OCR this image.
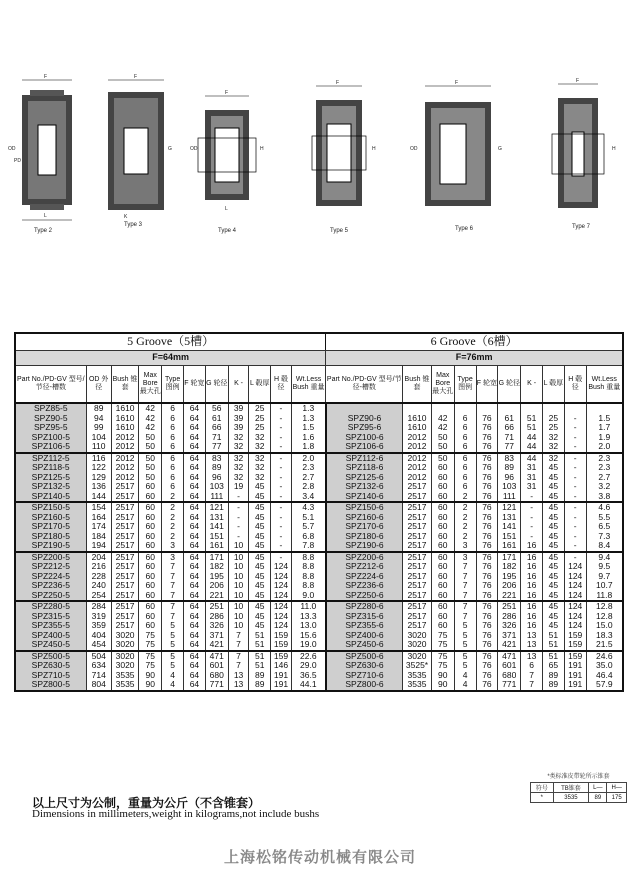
OD
PD
F
L
Type 2
F
G
K
Type 3
F
OD	H
L
Type 4
F
H
Type 5
F
OD	G
Type 6
F
H
Type 7
5 Groove（5槽）											6 Groove（6槽）									
F=64mm											F=76mm									
Part No./PD-GV 型号/节径-槽数	OD 外径	Bush 锥套	Max Bore 最大孔	Type 图例	F 轮宽	G 轮径	K -	L 毂厚	H 毂径	Wt.Less Bush 重量	Part No./PD-GV 型号/节径-槽数	Bush 锥套	Max Bore 最大孔	Type 图例	F 轮宽	G 轮径	K -	L 毂厚	H 毂径	Wt.Less Bush 重量
SPZ85-5	89	1610	42	6	64	56	39	25	-	1.3										
SPZ90-5	94	1610	42	6	64	61	39	25	-	1.3	SPZ90-6	1610	42	6	76	61	51	25	-	1.5
SPZ95-5	99	1610	42	6	64	66	39	25	-	1.5	SPZ95-6	1610	42	6	76	66	51	25	-	1.7
SPZ100-5	104	2012	50	6	64	71	32	32	-	1.6	SPZ100-6	2012	50	6	76	71	44	32	-	1.9
SPZ106-5	110	2012	50	6	64	77	32	32	-	1.8	SPZ106-6	2012	50	6	76	77	44	32	-	2.0
SPZ112-5	116	2012	50	6	64	83	32	32	-	2.0	SPZ112-6	2012	50	6	76	83	44	32	-	2.3
SPZ118-5	122	2012	50	6	64	89	32	32	-	2.3	SPZ118-6	2012	60	6	76	89	31	45	-	2.3
SPZ125-5	129	2012	50	6	64	96	32	32	-	2.7	SPZ125-6	2012	60	6	76	96	31	45	-	2.7
SPZ132-5	136	2517	60	6	64	103	19	45	-	2.8	SPZ132-6	2517	60	6	76	103	31	45	-	3.2
SPZ140-5	144	2517	60	2	64	111	-	45	-	3.4	SPZ140-6	2517	60	2	76	111	-	45	-	3.8
SPZ150-5	154	2517	60	2	64	121	-	45	-	4.3	SPZ150-6	2517	60	2	76	121	-	45	-	4.6
SPZ160-5	164	2517	60	2	64	131	-	45	-	5.1	SPZ160-6	2517	60	2	76	131	-	45	-	5.5
SPZ170-5	174	2517	60	2	64	141	-	45	-	5.7	SPZ170-6	2517	60	2	76	141	-	45	-	6.5
SPZ180-5	184	2517	60	2	64	151	-	45	-	6.8	SPZ180-6	2517	60	2	76	151	-	45	-	7.3
SPZ190-5	194	2517	60	3	64	161	10	45	-	7.8	SPZ190-6	2517	60	3	76	161	16	45	-	8.4
SPZ200-5	204	2517	60	3	64	171	10	45	-	8.8	SPZ200-6	2517	60	3	76	171	16	45	-	9.4
SPZ212-5	216	2517	60	7	64	182	10	45	124	8.8	SPZ212-6	2517	60	7	76	182	16	45	124	9.5
SPZ224-5	228	2517	60	7	64	195	10	45	124	8.8	SPZ224-6	2517	60	7	76	195	16	45	124	9.7
SPZ236-5	240	2517	60	7	64	206	10	45	124	8.8	SPZ236-6	2517	60	7	76	206	16	45	124	10.7
SPZ250-5	254	2517	60	7	64	221	10	45	124	9.0	SPZ250-6	2517	60	7	76	221	16	45	124	11.8
SPZ280-5	284	2517	60	7	64	251	10	45	124	11.0	SPZ280-6	2517	60	7	76	251	16	45	124	12.8
SPZ315-5	319	2517	60	7	64	286	10	45	124	13.3	SPZ315-6	2517	60	7	76	286	16	45	124	12.8
SPZ355-5	359	2517	60	5	64	326	10	45	124	13.0	SPZ355-6	2517	60	5	76	326	16	45	124	15.0
SPZ400-5	404	3020	75	5	64	371	7	51	159	15.6	SPZ400-6	3020	75	5	76	371	13	51	159	18.3
SPZ450-5	454	3020	75	5	64	421	7	51	159	19.0	SPZ450-6	3020	75	5	76	421	13	51	159	21.5
SPZ500-5	504	3020	75	5	64	471	7	51	159	22.6	SPZ500-6	3020	75	5	76	471	13	51	159	24.6
SPZ630-5	634	3020	75	5	64	601	7	51	146	29.0	SPZ630-6	3525*	75	5	76	601	6	65	191	35.0
SPZ710-5	714	3535	90	4	64	680	13	89	191	36.5	SPZ710-6	3535	90	4	76	680	7	89	191	46.4
SPZ800-5	804	3535	90	4	64	771	13	89	191	44.1	SPZ800-6	3535	90	4	76	771	7	89	191	57.9
*类标准皮带轮所示锥套
符号	TB锥套	L—	H—
*	3535	89	175
以上尺寸为公制，重量为公斤（不含锥套）
Dimensions in millimeters,weight in kilograms,not include bushs
上海松铭传动机械有限公司
